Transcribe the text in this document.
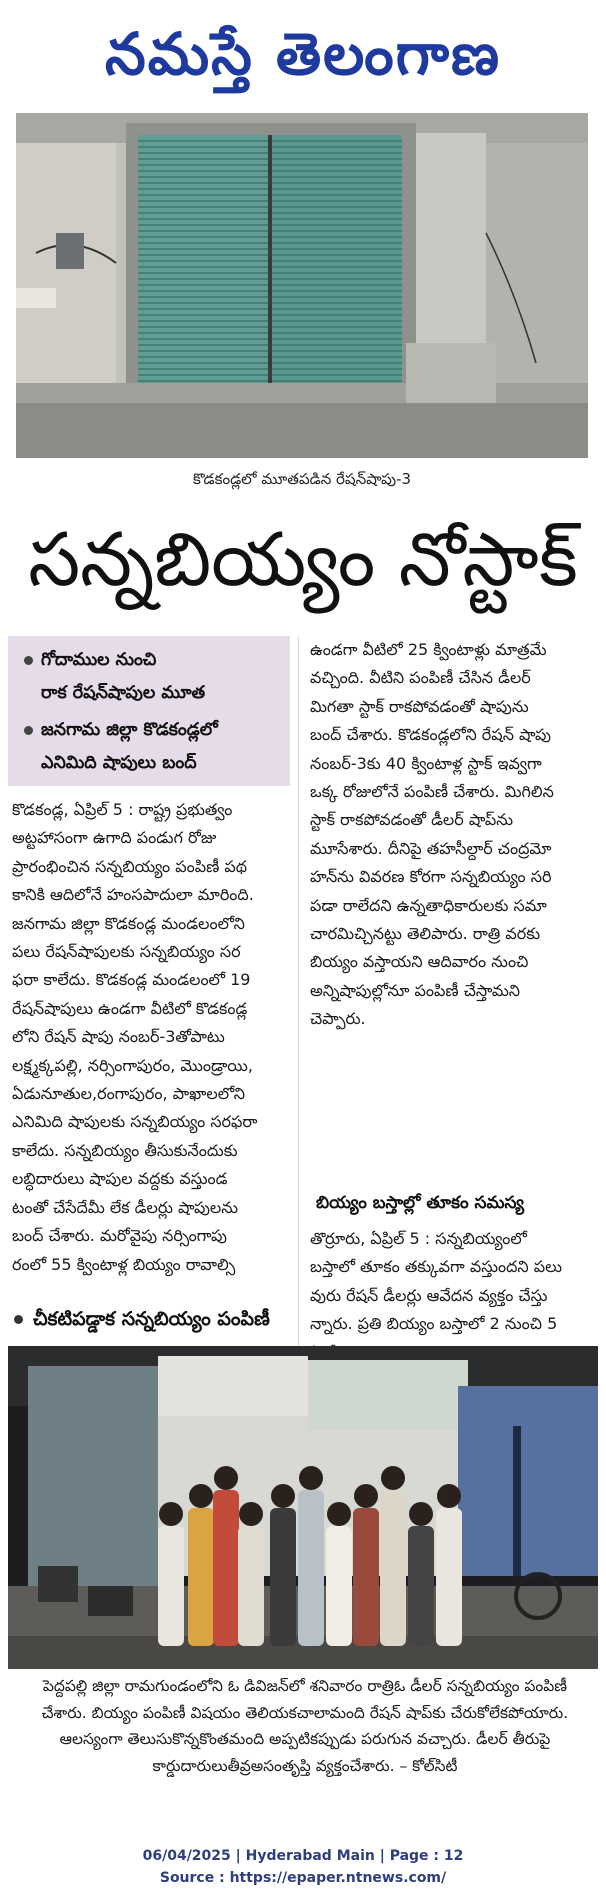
నమస్తే తెలంగాణ
కొడకండ్లలో మూతపడిన రేషన్‌షాపు-3
సన్నబియ్యం నోస్టాక్
గోదాముల నుంచి
రాక రేషన్‌షాపుల మూత
జనగామ జిల్లా కొడకండ్లలో
ఎనిమిది షాపులు బంద్
కొడకండ్ల, ఏప్రిల్ 5 : రాష్ట్ర ప్రభుత్వం
అట్టహాసంగా ఉగాది పండుగ రోజు
ప్రారంభించిన సన్నబియ్యం పంపిణీ పథ
కానికి ఆదిలోనే హంసపాదులా మారింది.
జనగామ జిల్లా కొడకండ్ల మండలంలోని
పలు రేషన్‌షాపులకు సన్నబియ్యం సర
ఫరా కాలేదు. కొడకండ్ల మండలంలో 19
రేషన్‌షాపులు ఉండగా వీటిలో కొడకండ్ల
లోని రేషన్ షాపు నంబర్-3తోపాటు
లక్ష్మక్కపల్లి, నర్సింగాపురం, మొండ్రాయి,
ఏడునూతుల,రంగాపురం, పాఖాలలోని
ఎనిమిది షాపులకు సన్నబియ్యం సరఫరా
కాలేదు. సన్నబియ్యం తీసుకునేందుకు
లబ్ధిదారులు షాపుల వద్దకు వస్తుండ
టంతో చేసేదేమీ లేక డీలర్లు షాపులను
బంద్ చేశారు. మరోవైపు నర్సింగాపు
రంలో 55 క్వింటాళ్ల బియ్యం రావాల్సి
ఉండగా వీటిలో 25 క్వింటాళ్లు మాత్రమే
వచ్చింది. వీటిని పంపిణీ చేసిన డీలర్
మిగతా స్టాక్ రాకపోవడంతో షాపును
బంద్ చేశారు. కొడకండ్లలోని రేషన్ షాపు
నంబర్-3కు 40 క్వింటాళ్ల స్టాక్ ఇవ్వగా
ఒక్క రోజులోనే పంపిణీ చేశారు. మిగిలిన
స్టాక్ రాకపోవడంతో డీలర్ షాప్‌ను
మూసేశారు. దీనిపై తహసీల్దార్ చంద్రమో
హన్‌ను వివరణ కోరగా సన్నబియ్యం సరి
పడా రాలేదని ఉన్నతాధికారులకు సమా
చారమిచ్చినట్టు తెలిపారు. రాత్రి వరకు
బియ్యం వస్తాయని ఆదివారం నుంచి
అన్నిషాపుల్లోనూ పంపిణీ చేస్తామని
చెప్పారు.
బియ్యం బస్తాల్లో తూకం సమస్య
తొర్రూరు, ఏప్రిల్ 5 : సన్నబియ్యంలో
బస్తాలో తూకం తక్కువగా వస్తుందని పలు
వురు రేషన్ డీలర్లు ఆవేదన వ్యక్తం చేస్తు
న్నారు. ప్రతి బియ్యం బస్తాలో 2 నుంచి 5
చీకటిపడ్డాక సన్నబియ్యం పంపిణీ
పెద్దపల్లి జిల్లా రామగుండంలోని ఓ డివిజన్‌లో శనివారం రాత్రిఓ డీలర్ సన్నబియ్యం పంపిణీ చేశారు. బియ్యం పంపిణీ విషయం తెలియకచాలామంది రేషన్ షాప్‌కు చేరుకోలేకపోయారు. ఆలస్యంగా తెలుసుకొన్నకొంతమంది అప్పటికప్పుడు పరుగున వచ్చారు. డీలర్ తీరుపై కార్డుదారులుతీవ్రఅసంతృప్తి వ్యక్తంచేశారు. – కోల్‌సిటీ
06/04/2025 | Hyderabad Main | Page : 12
Source : https://epaper.ntnews.com/
